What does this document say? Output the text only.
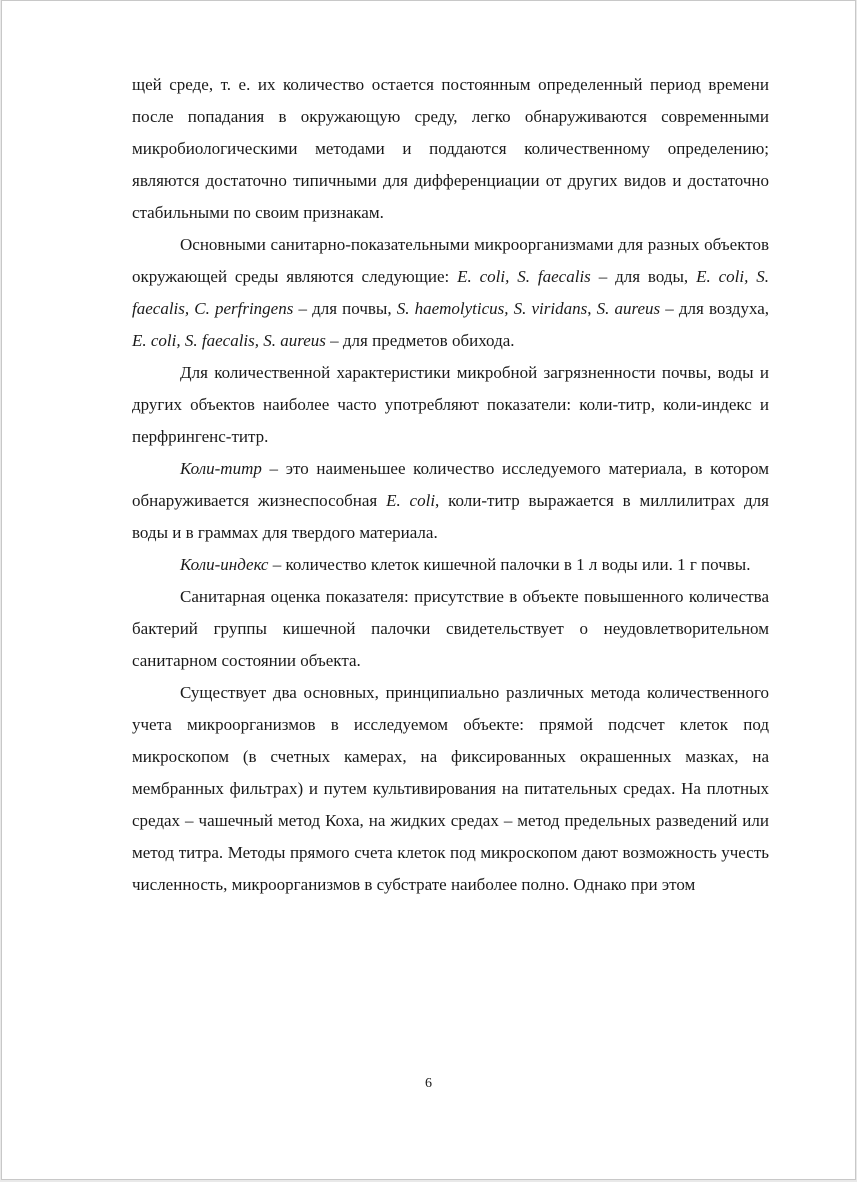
щей среде, т. е. их количество остается постоянным определенный период времени после попадания в окружающую среду, легко обнаруживаются современными микробиологическими методами и поддаются количественному определению; являются достаточно типичными для дифференциации от других видов и достаточно стабильными по своим признакам.

Основными санитарно-показательными микроорганизмами для разных объектов окружающей среды являются следующие: E. coli, S. faecalis – для воды, E. coli, S. faecalis, C. perfringens – для почвы, S. haemolyticus, S. viridans, S. aureus – для воздуха, E. coli, S. faecalis, S. aureus – для предметов обихода.

Для количественной характеристики микробной загрязненности почвы, воды и других объектов наиболее часто употребляют показатели: коли-титр, коли-индекс и перфрингенс-титр.

Коли-титр – это наименьшее количество исследуемого материала, в котором обнаруживается жизнеспособная E. coli, коли-титр выражается в миллилитрах для воды и в граммах для твердого материала.

Коли-индекс – количество клеток кишечной палочки в 1 л воды или. 1 г почвы.

Санитарная оценка показателя: присутствие в объекте повышенного количества бактерий группы кишечной палочки свидетельствует о неудовлетворительном санитарном состоянии объекта.

Существует два основных, принципиально различных метода количественного учета микроорганизмов в исследуемом объекте: прямой подсчет клеток под микроскопом (в счетных камерах, на фиксированных окрашенных мазках, на мембранных фильтрах) и путем культивирования на питательных средах. На плотных средах – чашечный метод Коха, на жидких средах – метод предельных разведений или метод титра. Методы прямого счета клеток под микроскопом дают возможность учесть численность, микроорганизмов в субстрате наиболее полно. Однако при этом

6
